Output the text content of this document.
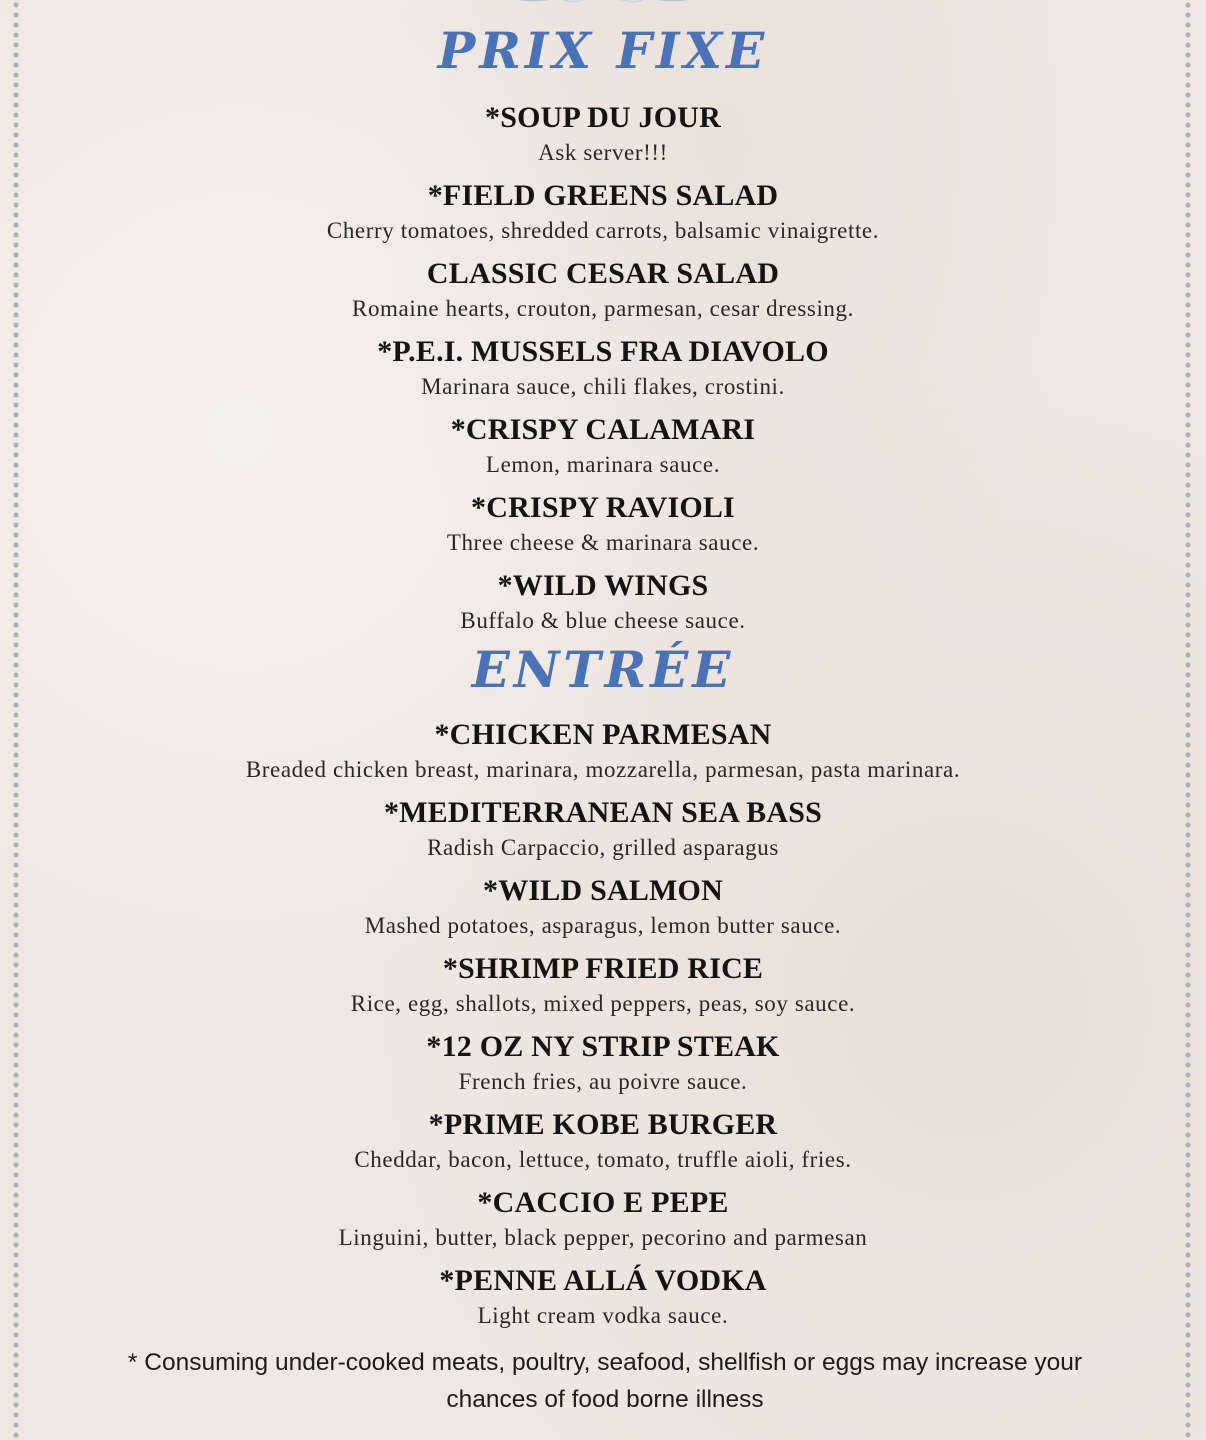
PRIX FIXE
*SOUP DU JOUR
Ask server!!!
*FIELD GREENS SALAD
Cherry tomatoes, shredded carrots, balsamic vinaigrette.
CLASSIC CESAR SALAD
Romaine hearts, crouton, parmesan, cesar dressing.
*P.E.I. MUSSELS FRA DIAVOLO
Marinara sauce, chili flakes, crostini.
*CRISPY CALAMARI
Lemon, marinara sauce.
*CRISPY RAVIOLI
Three cheese & marinara sauce.
*WILD WINGS
Buffalo & blue cheese sauce.
ENTRÉE
*CHICKEN PARMESAN
Breaded chicken breast, marinara, mozzarella, parmesan, pasta marinara.
*MEDITERRANEAN SEA BASS
Radish Carpaccio, grilled asparagus
*WILD SALMON
Mashed potatoes, asparagus, lemon butter sauce.
*SHRIMP FRIED RICE
Rice, egg, shallots, mixed peppers, peas, soy sauce.
*12 OZ NY STRIP STEAK
French fries, au poivre sauce.
*PRIME KOBE BURGER
Cheddar, bacon, lettuce, tomato, truffle aioli, fries.
*CACCIO E PEPE
Linguini, butter, black pepper, pecorino and parmesan
*PENNE ALLÁ VODKA
Light cream vodka sauce.
* Consuming under-cooked meats, poultry, seafood, shellfish or eggs may increase your chances of food borne illness
